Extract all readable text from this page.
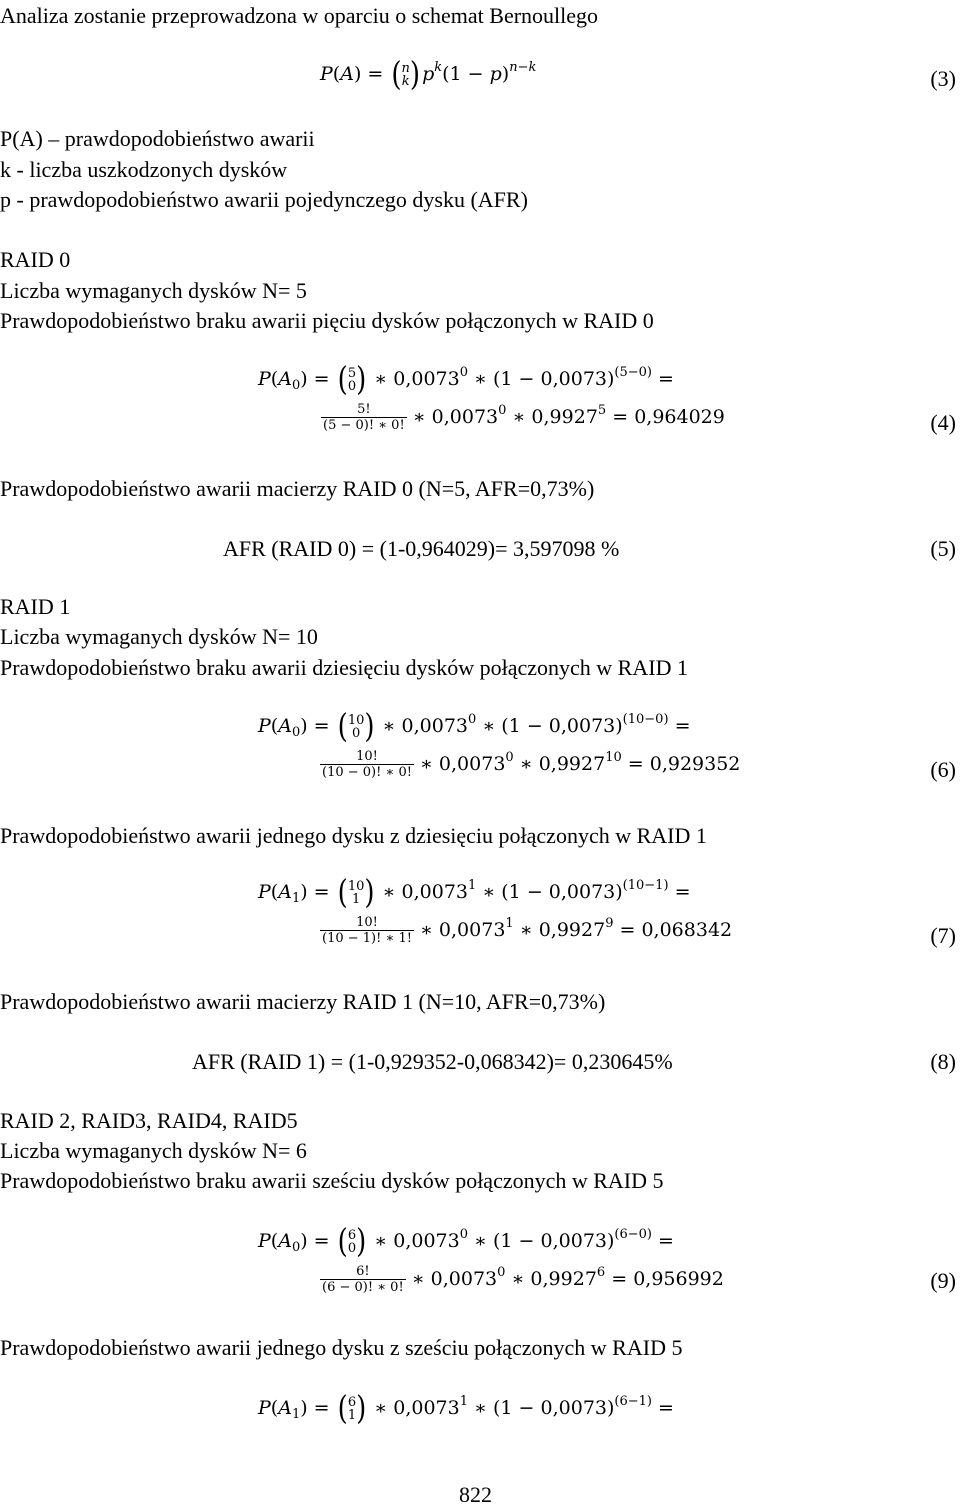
Analiza zostanie przeprowadzona w oparciu o schemat Bernoullego
P(A) = (n
k) $p^k(1 - p)^{n-k}$	(3)
P(A) – prawdopodobieństwo awarii
k - liczba uszkodzonych dysków
p - prawdopodobieństwo awarii pojedynczego dysku (AFR)
RAID 0
Liczba wymaganych dysków N= 5
Prawdopodobieństwo braku awarii pięciu dysków połączonych w RAID 0
$P(A_0) = (5$
0) ∗ 0,0073$^0$ ∗ $(1 - 0,0073)^{(5-0)}$ =
$\frac{5!}{(5 - 0)! ∗ 0!}$ ∗ 0,0073$^0$ ∗ $0,9927^5 = 0,964029$	(4)
Prawdopodobieństwo awarii macierzy RAID 0 (N=5, AFR=0,73%)
AFR (RAID 0) = (1-0,964029)= 3,597098 %	(5)
RAID 1
Liczba wymaganych dysków N= 10
Prawdopodobieństwo braku awarii dziesięciu dysków połączonych w RAID 1
$P(A_0) = (10$
0 ) ∗ 0,0073$^0$ ∗ $(1 - 0,0073)^{(10-0)}$ =
$\frac{10!}{(10 - 0)! ∗ 0!}$ ∗ 0,0073$^0$ ∗ $0,9927^{10} = 0,929352$	(6)
Prawdopodobieństwo awarii jednego dysku z dziesięciu połączonych w RAID 1
$P(A_1) = (10$
1 ) ∗ 0,0073$^1$ ∗ $(1 - 0,0073)^{(10-1)}$ =
$\frac{10!}{(10 - 1)! ∗ 1!}$ ∗ 0,0073$^1$ ∗ $0,9927^9 = 0,068342$	(7)
Prawdopodobieństwo awarii macierzy RAID 1 (N=10, AFR=0,73%)
AFR (RAID 1) = (1-0,929352-0,068342)= 0,230645%	(8)
RAID 2, RAID3, RAID4, RAID5
Liczba wymaganych dysków N= 6
Prawdopodobieństwo braku awarii sześciu dysków połączonych w RAID 5
$P(A_0) = (6$
0) ∗ 0,0073$^0$ ∗ $(1 - 0,0073)^{(6-0)}$ =
$\frac{6!}{(6 - 0)! ∗ 0!}$ ∗ 0,0073$^0$ ∗ $0,9927^6 = 0,956992$	(9)
Prawdopodobieństwo awarii jednego dysku z sześciu połączonych w RAID 5
$P(A_1) = (6$
1) ∗ 0,0073$^1$ ∗ $(1 - 0,0073)^{(6-1)}$ =
822
